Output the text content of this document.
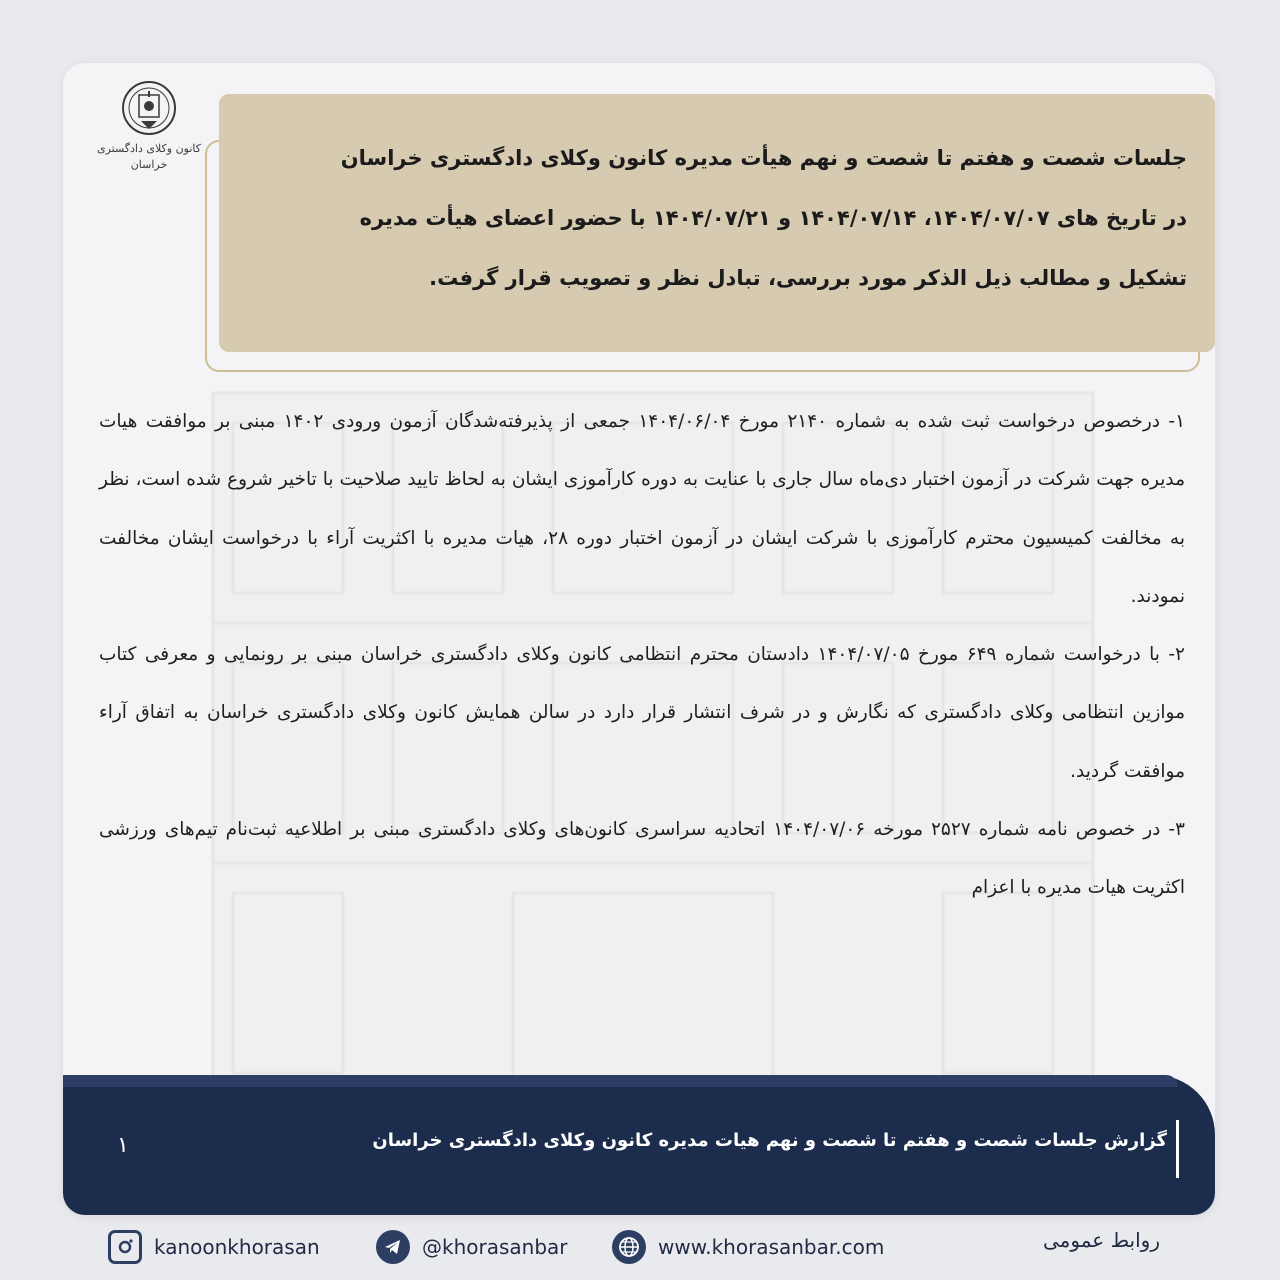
کانون وکلای دادگستری
خراسان	جلسات شصت و هفتم تا شصت و نهم هیأت مدیره کانون وکلای دادگستری خراسان در تاریخ های ۱۴۰۴/۰۷/۰۷، ۱۴۰۴/۰۷/۱۴ و ۱۴۰۴/۰۷/۲۱ با حضور اعضای هیأت مدیره تشکیل و مطالب ذیل الذکر مورد بررسی، تبادل نظر و تصویب قرار گرفت.

۱- درخصوص درخواست ثبت شده به شماره ۲۱۴۰ مورخ ۱۴۰۴/۰۶/۰۴ جمعی از پذیرفته‌شدگان آزمون ورودی ۱۴۰۲ مبنی بر موافقت هیات مدیره جهت شرکت در آزمون اختبار دی‌ماه سال جاری با عنایت به دوره کارآموزی ایشان به لحاظ تایید صلاحیت با تاخیر شروع شده است، نظر به مخالفت کمیسیون محترم کارآموزی با شرکت ایشان در آزمون اختبار دوره ۲۸، هیات مدیره با اکثریت آراء با درخواست ایشان مخالفت نمودند.

۲- با درخواست شماره ۶۴۹ مورخ ۱۴۰۴/۰۷/۰۵ دادستان محترم انتظامی کانون وکلای دادگستری خراسان مبنی بر رونمایی و معرفی کتاب موازین انتظامی وکلای دادگستری که نگارش و در شرف انتشار قرار دارد در سالن همایش کانون وکلای دادگستری خراسان به اتفاق آراء موافقت گردید.

۳- در خصوص نامه شماره ۲۵۲۷ مورخه ۱۴۰۴/۰۷/۰۶ اتحادیه سراسری کانون‌های وکلای دادگستری مبنی بر اطلاعیه ثبت‌نام تیم‌های ورزشی اکثریت هیات مدیره با اعزام

گزارش جلسات شصت و هفتم تا شصت و نهم هیات مدیره کانون وکلای دادگستری خراسان
۱
kanoonkhorasan	@khorasanbar	www.khorasanbar.com	روابط عمومی
